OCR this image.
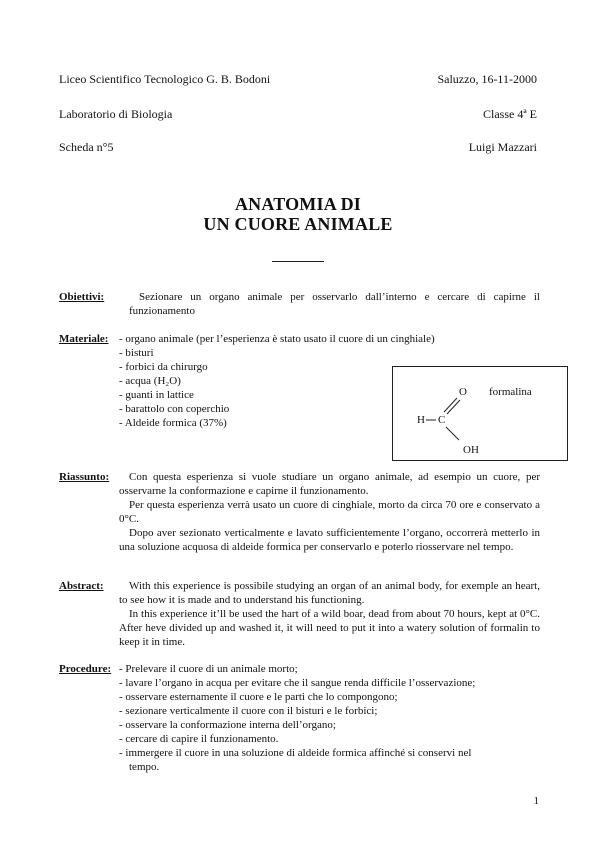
Liceo Scientifico Tecnologico G. B. Bodoni	Saluzzo, 16-11-2000
Laboratorio di Biologia	Classe 4ª E
Scheda n°5	Luigi Mazzari
ANATOMIA DI
UN CUORE ANIMALE
Obiettivi:	Sezionare un organo animale per osservarlo dall’interno e cercare di capirne il funzionamento

Materiale: - organo animale (per l’esperienza è stato usato il cuore di un cinghiale)
- bisturi
- forbici da chirurgo
- acqua (H₂O)
- guanti in lattice
- barattolo con coperchio
- Aldeide formica (37%)
O formalina
H C
OH
Riassunto:	Con questa esperienza si vuole studiare un organo animale, ad esempio un cuore, per osservarne la conformazione e capirne il funzionamento.

Per questa esperienza verrà usato un cuore di cinghiale, morto da circa 70 ore e conservato a 0°C.

Dopo aver sezionato verticalmente e lavato sufficientemente l’organo, occorrerà metterlo in una soluzione acquosa di aldeide formica per conservarlo e poterlo riosservare nel tempo.

Abstract:	With this experience is possibile studying an organ of an animal body, for exemple an heart, to see how it is made and to understand his functioning.

In this experience it’ll be used the hart of a wild boar, dead from about 70 hours, kept at 0°C. After heve divided up and washed it, it will need to put it into a watery solution of formalin to keep it in time.

Procedure: - Prelevare il cuore di un animale morto;
- lavare l’organo in acqua per evitare che il sangue renda difficile l’osservazione;
- osservare esternamente il cuore e le parti che lo compongono;
- sezionare verticalmente il cuore con il bisturi e le forbici;
- osservare la conformazione interna dell’organo;
- cercare di capire il funzionamento.
- immergere il cuore in una soluzione di aldeide formica affinché si conservi nel
tempo.
1
